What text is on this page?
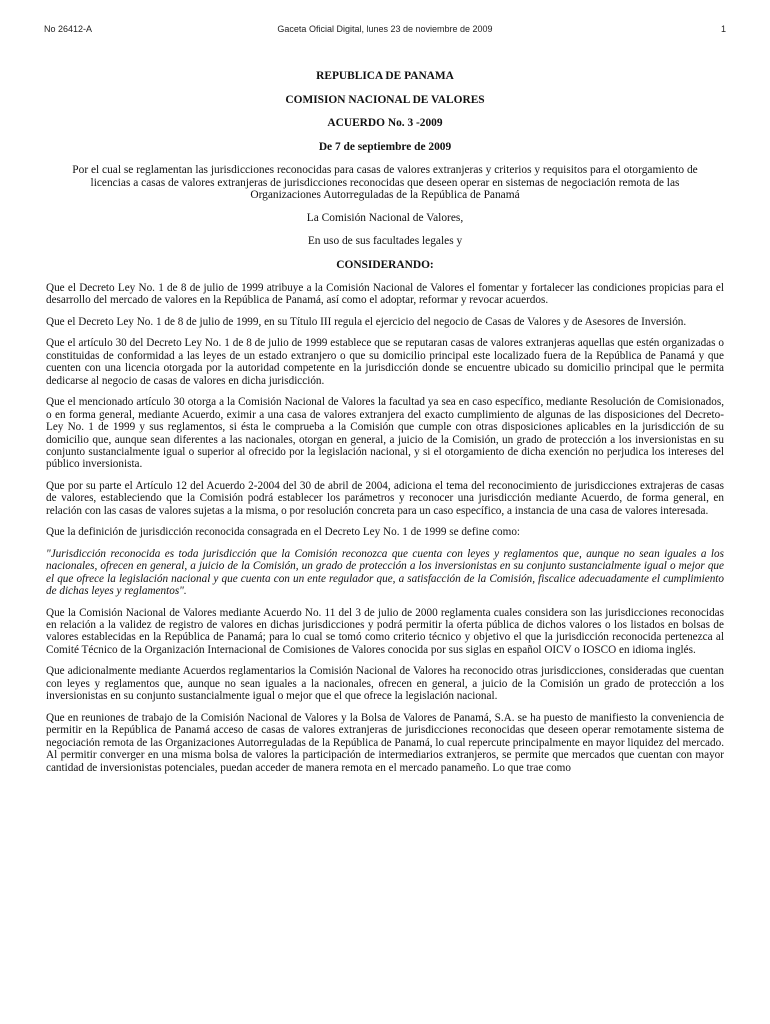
No 26412-A	Gaceta Oficial Digital, lunes 23 de noviembre de 2009	1
REPUBLICA DE PANAMA
COMISION NACIONAL DE VALORES
ACUERDO No. 3 -2009
De 7 de septiembre de 2009
Por el cual se reglamentan las jurisdicciones reconocidas para casas de valores extranjeras y criterios y requisitos para el otorgamiento de licencias a casas de valores extranjeras de jurisdicciones reconocidas que deseen operar en sistemas de negociación remota de las Organizaciones Autorreguladas de la República de Panamá
La Comisión Nacional de Valores,
En uso de sus facultades legales y
CONSIDERANDO:

Que el Decreto Ley No. 1 de 8 de julio de 1999 atribuye a la Comisión Nacional de Valores el fomentar y fortalecer las condiciones propicias para el desarrollo del mercado de valores en la República de Panamá, así como el adoptar, reformar y revocar acuerdos.

Que el Decreto Ley No. 1 de 8 de julio de 1999, en su Título III regula el ejercicio del negocio de Casas de Valores y de Asesores de Inversión.

Que el artículo 30 del Decreto Ley No. 1 de 8 de julio de 1999 establece que se reputaran casas de valores extranjeras aquellas que estén organizadas o constituidas de conformidad a las leyes de un estado extranjero o que su domicilio principal este localizado fuera de la República de Panamá y que cuenten con una licencia otorgada por la autoridad competente en la jurisdicción donde se encuentre ubicado su domicilio principal que le permita dedicarse al negocio de casas de valores en dicha jurisdicción.

Que el mencionado artículo 30 otorga a la Comisión Nacional de Valores la facultad ya sea en caso específico, mediante Resolución de Comisionados, o en forma general, mediante Acuerdo, eximir a una casa de valores extranjera del exacto cumplimiento de algunas de las disposiciones del Decreto-Ley No. 1 de 1999 y sus reglamentos, si ésta le comprueba a la Comisión que cumple con otras disposiciones aplicables en la jurisdicción de su domicilio que, aunque sean diferentes a las nacionales, otorgan en general, a juicio de la Comisión, un grado de protección a los inversionistas en su conjunto sustancialmente igual o superior al ofrecido por la legislación nacional, y si el otorgamiento de dicha exención no perjudica los intereses del público inversionista.

Que por su parte el Artículo 12 del Acuerdo 2-2004 del 30 de abril de 2004, adiciona el tema del reconocimiento de jurisdicciones extrajeras de casas de valores, estableciendo que la Comisión podrá establecer los parámetros y reconocer una jurisdicción mediante Acuerdo, de forma general, en relación con las casas de valores sujetas a la misma, o por resolución concreta para un caso específico, a instancia de una casa de valores interesada.

Que la definición de jurisdicción reconocida consagrada en el Decreto Ley No. 1 de 1999 se define como:

"Jurisdicción reconocida es toda jurisdicción que la Comisión reconozca que cuenta con leyes y reglamentos que, aunque no sean iguales a los nacionales, ofrecen en general, a juicio de la Comisión, un grado de protección a los inversionistas en su conjunto sustancialmente igual o mejor que el que ofrece la legislación nacional y que cuenta con un ente regulador que, a satisfacción de la Comisión, fiscalice adecuadamente el cumplimiento de dichas leyes y reglamentos".

Que la Comisión Nacional de Valores mediante Acuerdo No. 11 del 3 de julio de 2000 reglamenta cuales considera son las jurisdicciones reconocidas en relación a la validez de registro de valores en dichas jurisdicciones y podrá permitir la oferta pública de dichos valores o los listados en bolsas de valores establecidas en la República de Panamá; para lo cual se tomó como criterio técnico y objetivo el que la jurisdicción reconocida pertenezca al Comité Técnico de la Organización Internacional de Comisiones de Valores conocida por sus siglas en español OICV o IOSCO en idioma inglés.

Que adicionalmente mediante Acuerdos reglamentarios la Comisión Nacional de Valores ha reconocido otras jurisdicciones, consideradas que cuentan con leyes y reglamentos que, aunque no sean iguales a la nacionales, ofrecen en general, a juicio de la Comisión un grado de protección a los inversionistas en su conjunto sustancialmente igual o mejor que el que ofrece la legislación nacional.

Que en reuniones de trabajo de la Comisión Nacional de Valores y la Bolsa de Valores de Panamá, S.A. se ha puesto de manifiesto la conveniencia de permitir en la República de Panamá acceso de casas de valores extranjeras de jurisdicciones reconocidas que deseen operar remotamente sistema de negociación remota de las Organizaciones Autorreguladas de la República de Panamá, lo cual repercute principalmente en mayor liquidez del mercado. Al permitir converger en una misma bolsa de valores la participación de intermediarios extranjeros, se permite que mercados que cuentan con mayor cantidad de inversionistas potenciales, puedan acceder de manera remota en el mercado panameño. Lo que trae como
